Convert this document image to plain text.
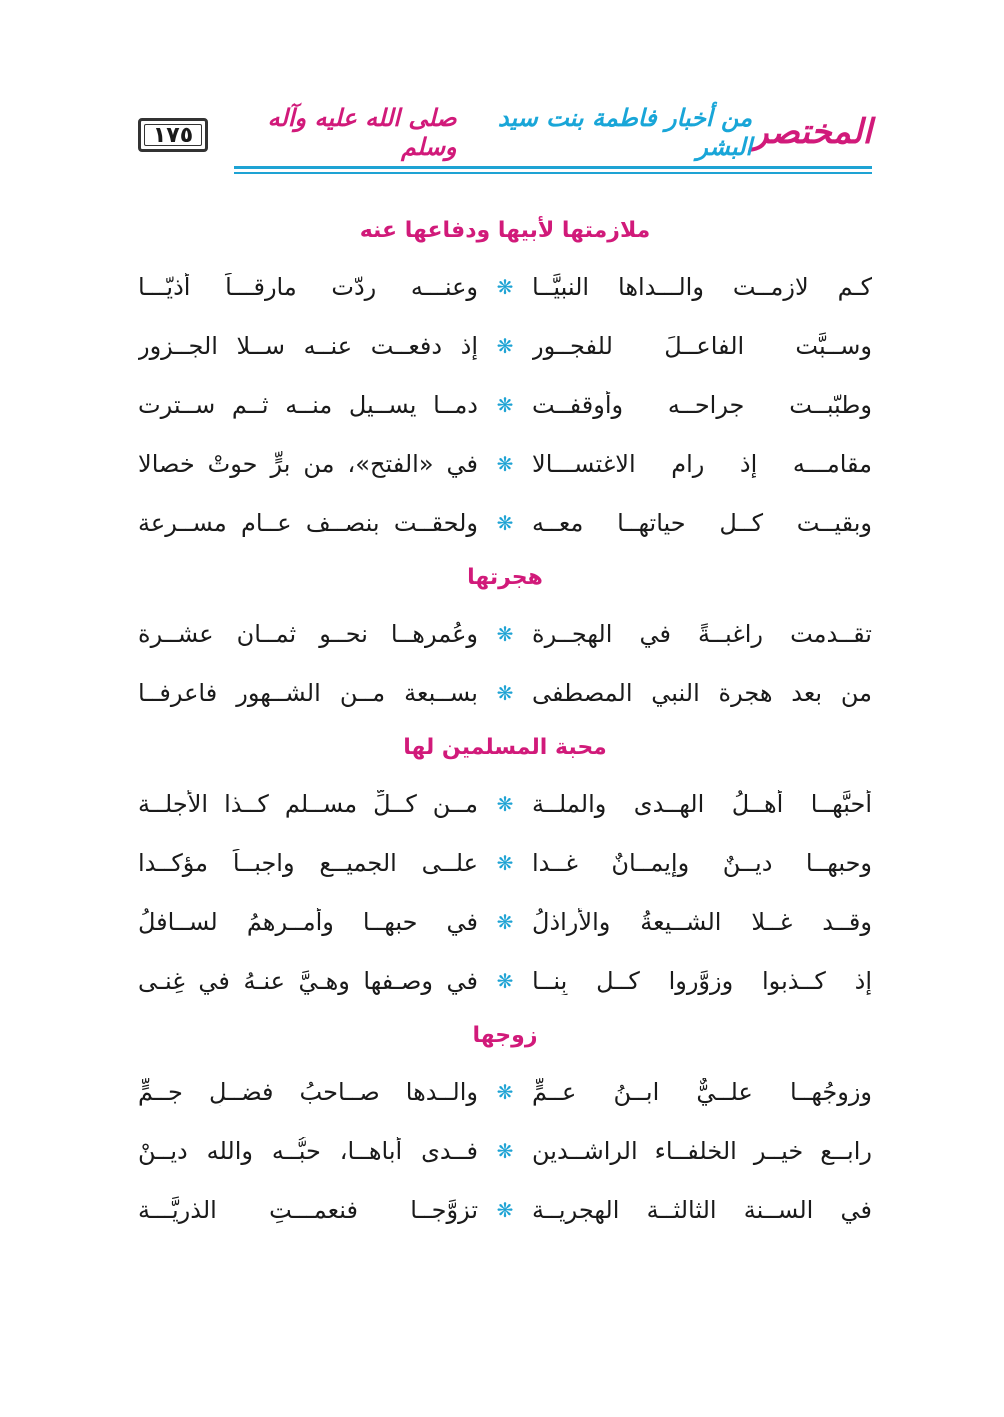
١٧٥	المختصر
من أخبار فاطمة بنت سيد البشر
صلى الله عليه وآله وسلم
ملازمتها لأبيها ودفاعها عنه
كـم لازمــت والـــداها النبيَّــا
❋
وعنـــه ردّت مارقـــاً أذيّـــا
وســبَّت الفاعــلَ للفجــورِ
❋
إذ دفعــت عنــه ســلا الجــزورِ
وطبّبــت جراحــه وأوقفــت
❋
دمــا يســيل منــه ثــم ســترت
مقامـــه إذ رام الاغتســـالا
❋
في «الفتح»، من برٍّ حوتْ خصالا
وبقيــت كــل حياتهــا معــه
❋
ولحقــت بنصــف عــامٍ مســرعة
هجرتها
تقــدمت راغبــةً في الهجــرة
❋
وعُمرهــا نحــو ثمــان عشــرة
من بعد هجرة النبي المصطفى
❋
بســبعة مــن الشــهور فاعرفــا
محبة المسلمين لها
أحبَّهــا أهــلُ الهــدى والملــة
❋
مــن كــلِّ مســلمٍ كــذا الأجلــة
وحبهــا ديــنٌ وإيمــانٌ غــدا
❋
علــى الجميــع واجبــاً مؤكــدا
وقــد غــلا الشــيعةُ والأراذلُ
❋
في حبهــا وأمــرهمُ لســافلُ
إذ كــذبوا وزوَّروا كــل بِنــا
❋
في وصـفها وهـيَّ عنـهُ في غِنـى
زوجها
وزوجُهــا علــيٌّ ابــنُ عــمٍّ
❋
والــدها صــاحبُ فضــلٍ جــمٍّ
رابــع خيــر الخلفــاء الراشــدين
❋
فــدى أباهــا، حبُّــه والله ديــنْ
في الســنة الثالثــة الهجريــة
❋
تزوَّجــا فنعمـــتِ الذريَّـــة
